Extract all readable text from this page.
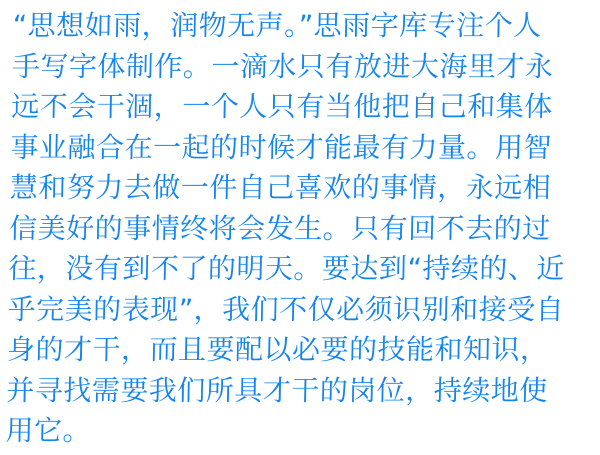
“思想如雨，润物无声。”思雨字库专注个人
手写字体制作。一滴水只有放进大海里才永
远不会干涸，一个人只有当他把自己和集体
事业融合在一起的时候才能最有力量。用智
慧和努力去做一件自己喜欢的事情，永远相
信美好的事情终将会发生。只有回不去的过
往，没有到不了的明天。要达到“持续的、近
乎完美的表现”，我们不仅必须识别和接受自
身的才干，而且要配以必要的技能和知识，
并寻找需要我们所具才干的岗位，持续地使
用它。
